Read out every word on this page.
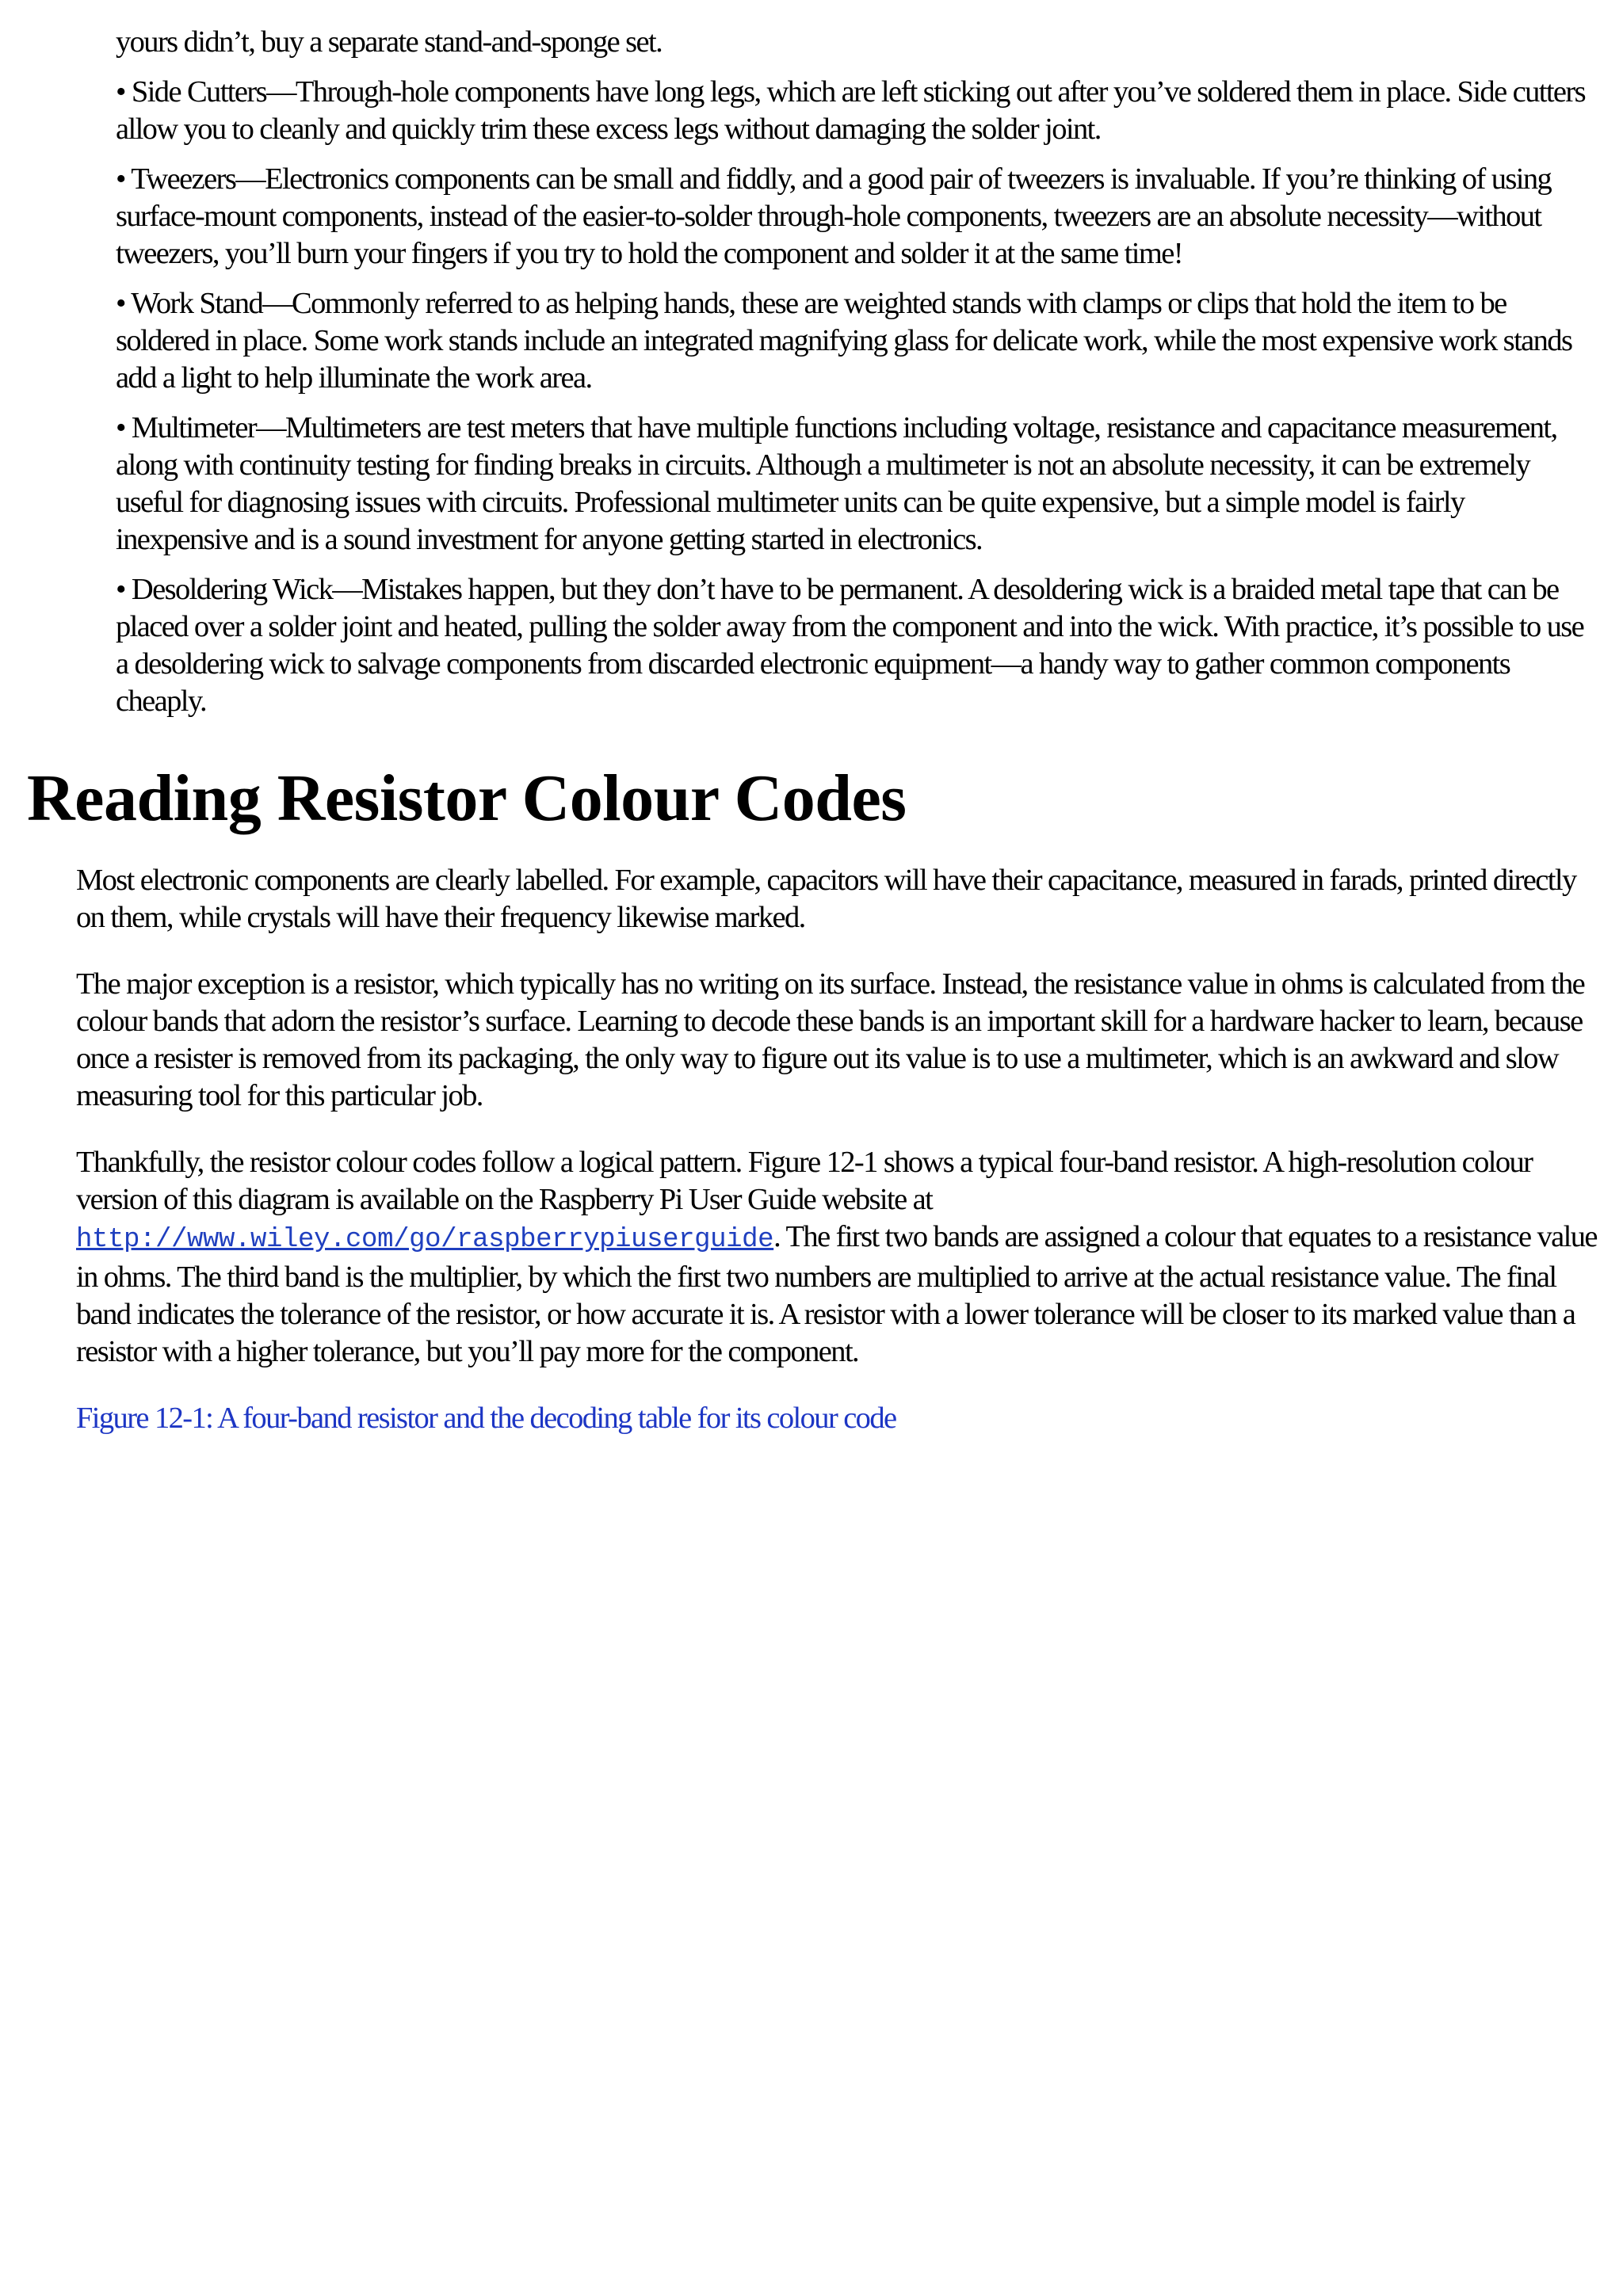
yours didn’t, buy a separate stand-and-sponge set.

• Side Cutters—Through-hole components have long legs, which are left sticking out after you’ve soldered them in place. Side cutters allow you to cleanly and quickly trim these excess legs without damaging the solder joint.

• Tweezers—Electronics components can be small and fiddly, and a good pair of tweezers is invaluable. If you’re thinking of using surface-mount components, instead of the easier-to-solder through-hole components, tweezers are an absolute necessity—without tweezers, you’ll burn your fingers if you try to hold the component and solder it at the same time!

• Work Stand—Commonly referred to as helping hands, these are weighted stands with clamps or clips that hold the item to be soldered in place. Some work stands include an integrated magnifying glass for delicate work, while the most expensive work stands add a light to help illuminate the work area.

• Multimeter—Multimeters are test meters that have multiple functions including voltage, resistance and capacitance measurement, along with continuity testing for finding breaks in circuits. Although a multimeter is not an absolute necessity, it can be extremely useful for diagnosing issues with circuits. Professional multimeter units can be quite expensive, but a simple model is fairly inexpensive and is a sound investment for anyone getting started in electronics.

• Desoldering Wick—Mistakes happen, but they don’t have to be permanent. A desoldering wick is a braided metal tape that can be placed over a solder joint and heated, pulling the solder away from the component and into the wick. With practice, it’s possible to use a desoldering wick to salvage components from discarded electronic equipment—a handy way to gather common components cheaply.

Reading Resistor Colour Codes

Most electronic components are clearly labelled. For example, capacitors will have their capacitance, measured in farads, printed directly on them, while crystals will have their frequency likewise marked.

The major exception is a resistor, which typically has no writing on its surface. Instead, the resistance value in ohms is calculated from the colour bands that adorn the resistor’s surface. Learning to decode these bands is an important skill for a hardware hacker to learn, because once a resister is removed from its packaging, the only way to figure out its value is to use a multimeter, which is an awkward and slow measuring tool for this particular job.

Thankfully, the resistor colour codes follow a logical pattern. Figure 12-1 shows a typical four-band resistor. A high-resolution colour version of this diagram is available on the Raspberry Pi User Guide website at http://www.wiley.com/go/raspberrypiuserguide. The first two bands are assigned a colour that equates to a resistance value in ohms. The third band is the multiplier, by which the first two numbers are multiplied to arrive at the actual resistance value. The final band indicates the tolerance of the resistor, or how accurate it is. A resistor with a lower tolerance will be closer to its marked value than a resistor with a higher tolerance, but you’ll pay more for the component.

Figure 12-1: A four-band resistor and the decoding table for its colour code
